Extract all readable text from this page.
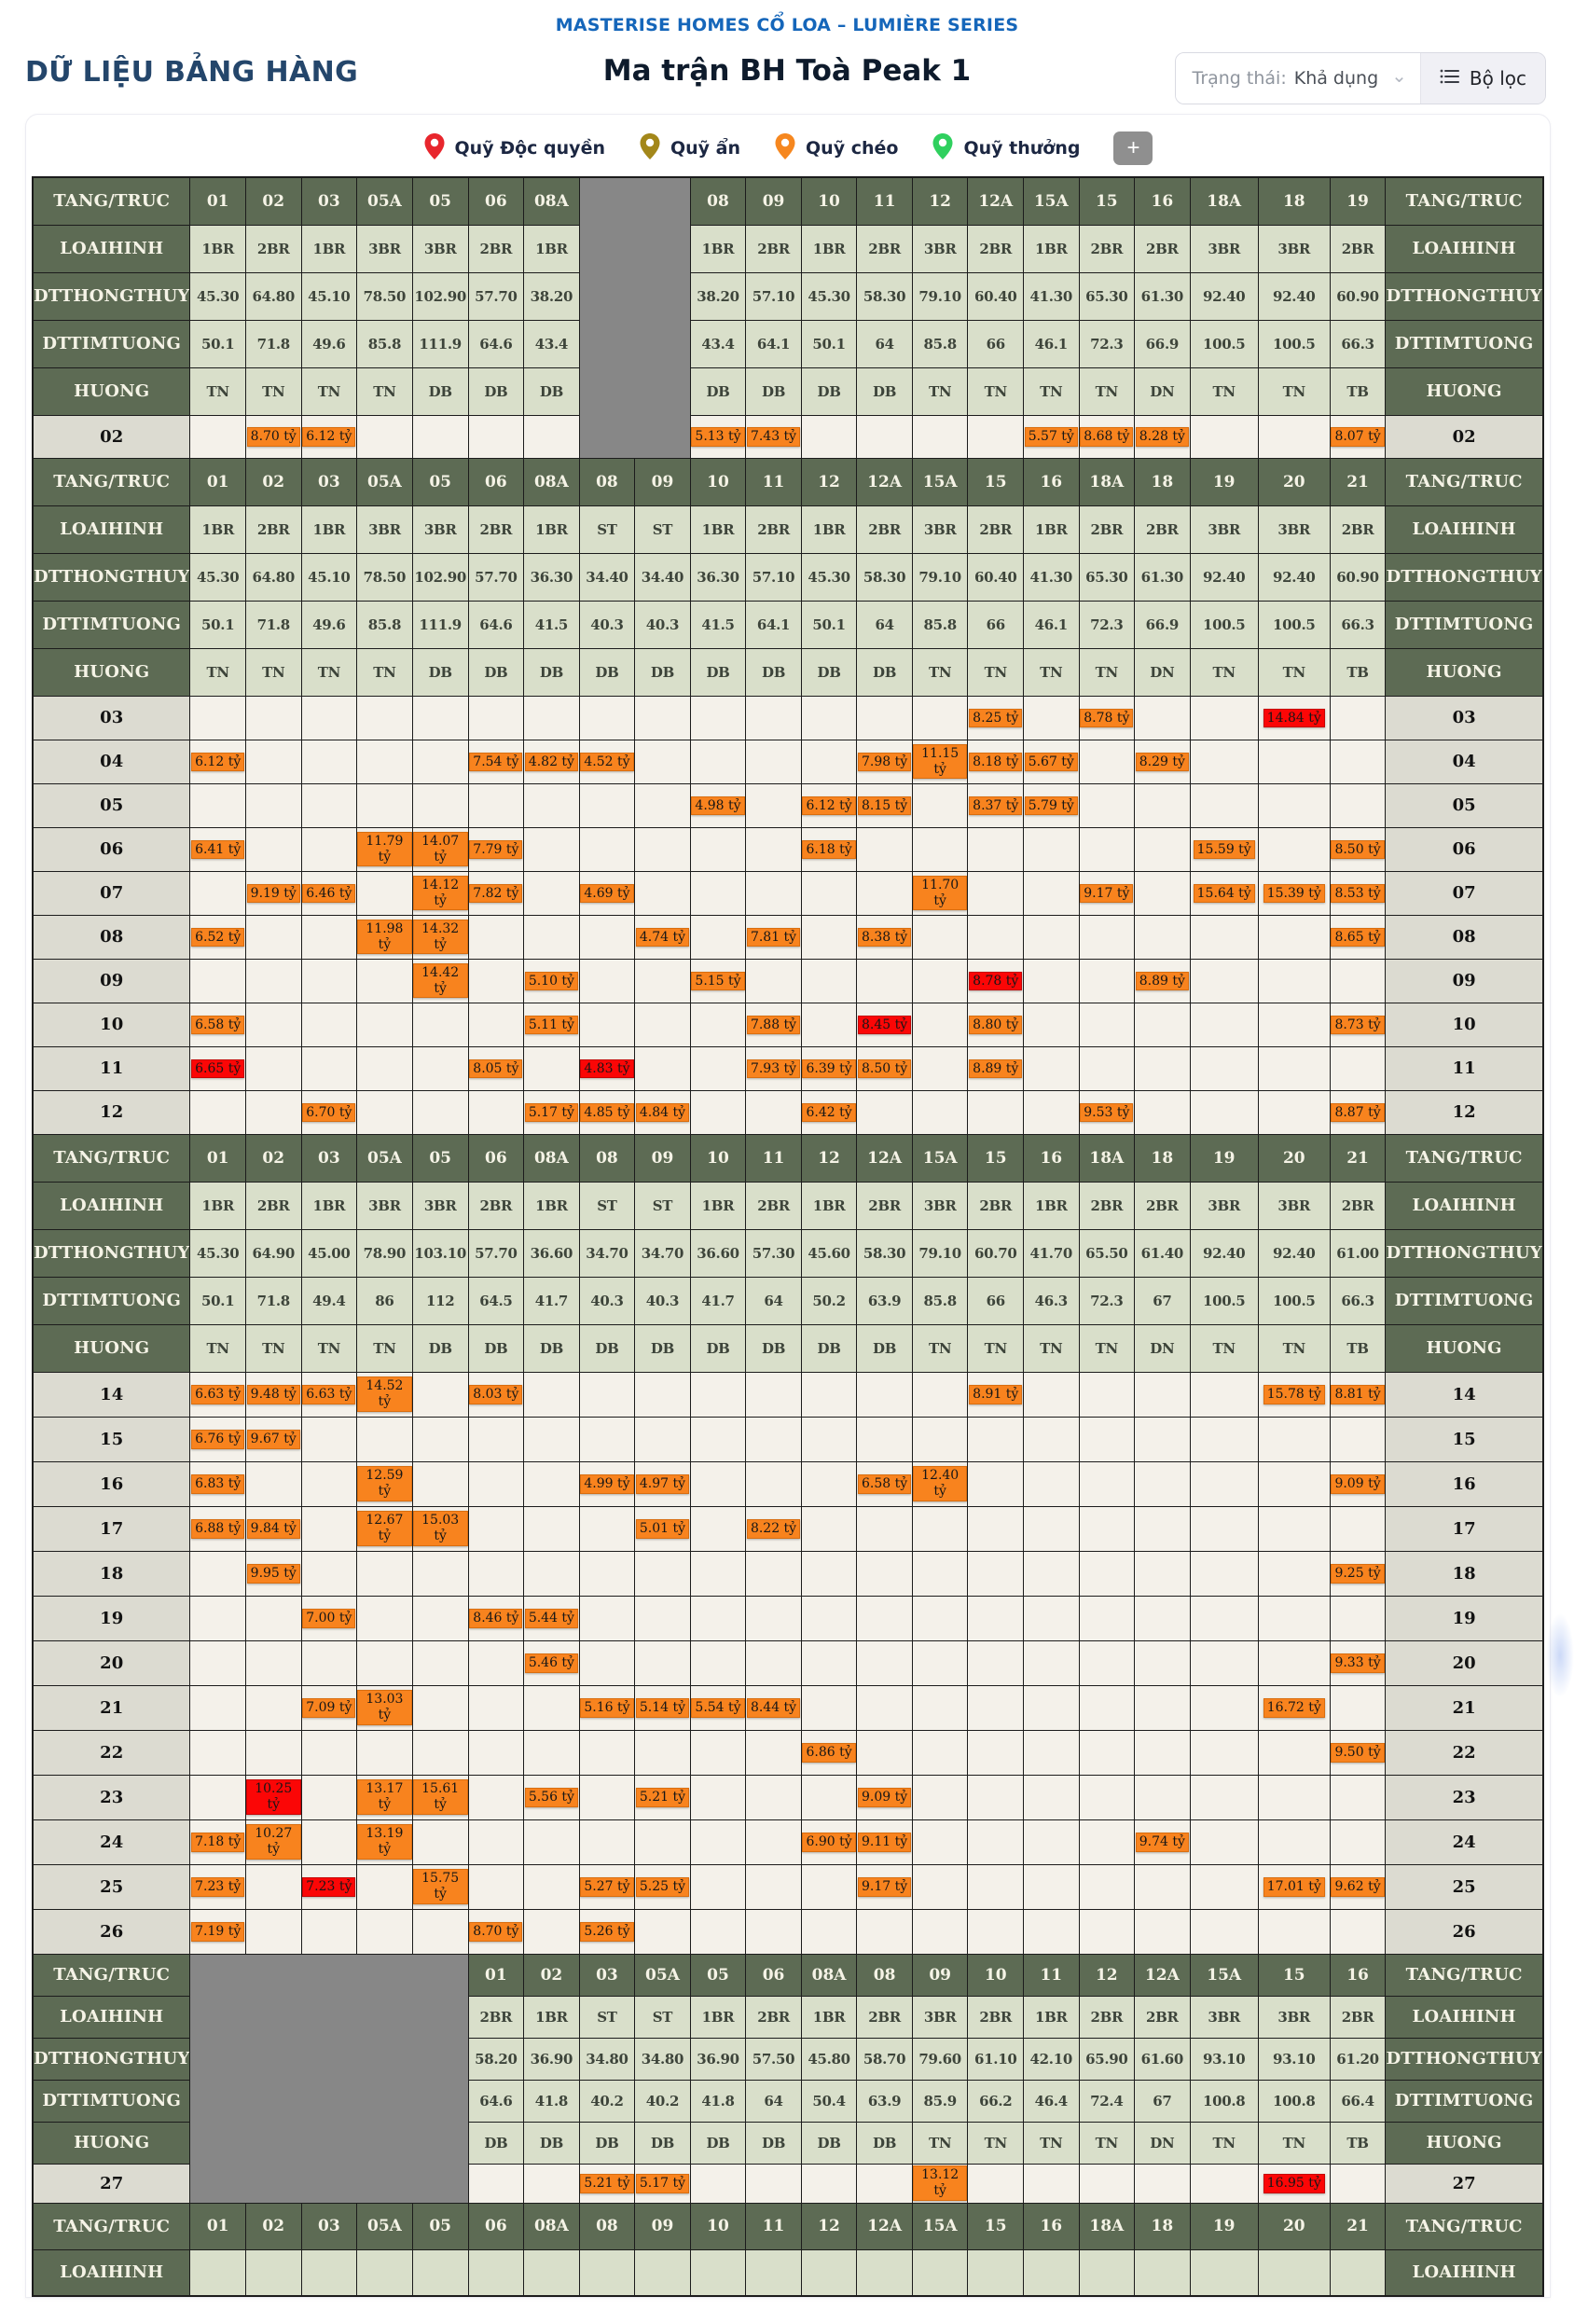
MASTERISE HOMES CỔ LOA – LUMIÈRE SERIES
DỮ LIỆU BẢNG HÀNG	Ma trận BH Toà Peak 1	Trạng thái: Khả dụng ⌄	Bộ lọc
Quỹ Độc quyền	Quỹ ẩn	Quỹ chéo	Quỹ thưởng	+
TANG/TRUC	01	02	03	05A	05	06	08A			08	09	10	11	12	12A	15A	15	16	18A	18	19	TANG/TRUC
LOAIHINH	1BR	2BR	1BR	3BR	3BR	2BR	1BR			1BR	2BR	1BR	2BR	3BR	2BR	1BR	2BR	2BR	3BR	3BR	2BR	LOAIHINH
DTTHONGTHUY	45.30	64.80	45.10	78.50	102.90	57.70	38.20			38.20	57.10	45.30	58.30	79.10	60.40	41.30	65.30	61.30	92.40	92.40	60.90	DTTHONGTHUY
DTTIMTUONG	50.1	71.8	49.6	85.8	111.9	64.6	43.4			43.4	64.1	50.1	64	85.8	66	46.1	72.3	66.9	100.5	100.5	66.3	DTTIMTUONG
HUONG	TN	TN	TN	TN	DB	DB	DB			DB	DB	DB	DB	TN	TN	TN	TN	DN	TN	TN	TB	HUONG
02		8.70 tỷ	6.12 tỷ							5.13 tỷ	7.43 tỷ					5.57 tỷ	8.68 tỷ	8.28 tỷ			8.07 tỷ	02
TANG/TRUC	01	02	03	05A	05	06	08A	08	09	10	11	12	12A	15A	15	16	18A	18	19	20	21	TANG/TRUC
LOAIHINH	1BR	2BR	1BR	3BR	3BR	2BR	1BR	ST	ST	1BR	2BR	1BR	2BR	3BR	2BR	1BR	2BR	2BR	3BR	3BR	2BR	LOAIHINH
DTTHONGTHUY	45.30	64.80	45.10	78.50	102.90	57.70	36.30	34.40	34.40	36.30	57.10	45.30	58.30	79.10	60.40	41.30	65.30	61.30	92.40	92.40	60.90	DTTHONGTHUY
DTTIMTUONG	50.1	71.8	49.6	85.8	111.9	64.6	41.5	40.3	40.3	41.5	64.1	50.1	64	85.8	66	46.1	72.3	66.9	100.5	100.5	66.3	DTTIMTUONG
HUONG	TN	TN	TN	TN	DB	DB	DB	DB	DB	DB	DB	DB	DB	TN	TN	TN	TN	DN	TN	TN	TB	HUONG
03															8.25 tỷ		8.78 tỷ			14.84 tỷ		03
04	6.12 tỷ					7.54 tỷ	4.82 tỷ	4.52 tỷ					7.98 tỷ	11.15 tỷ	8.18 tỷ	5.67 tỷ		8.29 tỷ				04
05										4.98 tỷ		6.12 tỷ	8.15 tỷ		8.37 tỷ	5.79 tỷ						05
06	6.41 tỷ			11.79 tỷ	14.07 tỷ	7.79 tỷ						6.18 tỷ							15.59 tỷ		8.50 tỷ	06
07		9.19 tỷ	6.46 tỷ		14.12 tỷ	7.82 tỷ		4.69 tỷ						11.70 tỷ			9.17 tỷ		15.64 tỷ	15.39 tỷ	8.53 tỷ	07
08	6.52 tỷ			11.98 tỷ	14.32 tỷ				4.74 tỷ		7.81 tỷ		8.38 tỷ								8.65 tỷ	08
09					14.42 tỷ		5.10 tỷ			5.15 tỷ					8.78 tỷ			8.89 tỷ				09
10	6.58 tỷ						5.11 tỷ				7.88 tỷ		8.45 tỷ		8.80 tỷ						8.73 tỷ	10
11	6.65 tỷ					8.05 tỷ		4.83 tỷ			7.93 tỷ	6.39 tỷ	8.50 tỷ		8.89 tỷ							11
12			6.70 tỷ				5.17 tỷ	4.85 tỷ	4.84 tỷ			6.42 tỷ					9.53 tỷ				8.87 tỷ	12
TANG/TRUC	01	02	03	05A	05	06	08A	08	09	10	11	12	12A	15A	15	16	18A	18	19	20	21	TANG/TRUC
LOAIHINH	1BR	2BR	1BR	3BR	3BR	2BR	1BR	ST	ST	1BR	2BR	1BR	2BR	3BR	2BR	1BR	2BR	2BR	3BR	3BR	2BR	LOAIHINH
DTTHONGTHUY	45.30	64.90	45.00	78.90	103.10	57.70	36.60	34.70	34.70	36.60	57.30	45.60	58.30	79.10	60.70	41.70	65.50	61.40	92.40	92.40	61.00	DTTHONGTHUY
DTTIMTUONG	50.1	71.8	49.4	86	112	64.5	41.7	40.3	40.3	41.7	64	50.2	63.9	85.8	66	46.3	72.3	67	100.5	100.5	66.3	DTTIMTUONG
HUONG	TN	TN	TN	TN	DB	DB	DB	DB	DB	DB	DB	DB	DB	TN	TN	TN	TN	DN	TN	TN	TB	HUONG
14	6.63 tỷ	9.48 tỷ	6.63 tỷ	14.52 tỷ		8.03 tỷ									8.91 tỷ					15.78 tỷ	8.81 tỷ	14
15	6.76 tỷ	9.67 tỷ																				15
16	6.83 tỷ			12.59 tỷ				4.99 tỷ	4.97 tỷ				6.58 tỷ	12.40 tỷ							9.09 tỷ	16
17	6.88 tỷ	9.84 tỷ		12.67 tỷ	15.03 tỷ				5.01 tỷ		8.22 tỷ											17
18		9.95 tỷ																			9.25 tỷ	18
19			7.00 tỷ			8.46 tỷ	5.44 tỷ															19
20							5.46 tỷ														9.33 tỷ	20
21			7.09 tỷ	13.03 tỷ				5.16 tỷ	5.14 tỷ	5.54 tỷ	8.44 tỷ									16.72 tỷ		21
22												6.86 tỷ									9.50 tỷ	22
23		10.25 tỷ		13.17 tỷ	15.61 tỷ		5.56 tỷ		5.21 tỷ				9.09 tỷ									23
24	7.18 tỷ	10.27 tỷ		13.19 tỷ								6.90 tỷ	9.11 tỷ					9.74 tỷ				24
25	7.23 tỷ		7.23 tỷ		15.75 tỷ			5.27 tỷ	5.25 tỷ				9.17 tỷ							17.01 tỷ	9.62 tỷ	25
26	7.19 tỷ					8.70 tỷ		5.26 tỷ														26
TANG/TRUC						01	02	03	05A	05	06	08A	08	09	10	11	12	12A	15A	15	16	TANG/TRUC
LOAIHINH						2BR	1BR	ST	ST	1BR	2BR	1BR	2BR	3BR	2BR	1BR	2BR	2BR	3BR	3BR	2BR	LOAIHINH
DTTHONGTHUY						58.20	36.90	34.80	34.80	36.90	57.50	45.80	58.70	79.60	61.10	42.10	65.90	61.60	93.10	93.10	61.20	DTTHONGTHUY
DTTIMTUONG						64.6	41.8	40.2	40.2	41.8	64	50.4	63.9	85.9	66.2	46.4	72.4	67	100.8	100.8	66.4	DTTIMTUONG
HUONG						DB	DB	DB	DB	DB	DB	DB	DB	TN	TN	TN	TN	DN	TN	TN	TB	HUONG
27								5.21 tỷ	5.17 tỷ					13.12 tỷ						16.95 tỷ		27
TANG/TRUC	01	02	03	05A	05	06	08A	08	09	10	11	12	12A	15A	15	16	18A	18	19	20	21	TANG/TRUC
LOAIHINH																						LOAIHINH
